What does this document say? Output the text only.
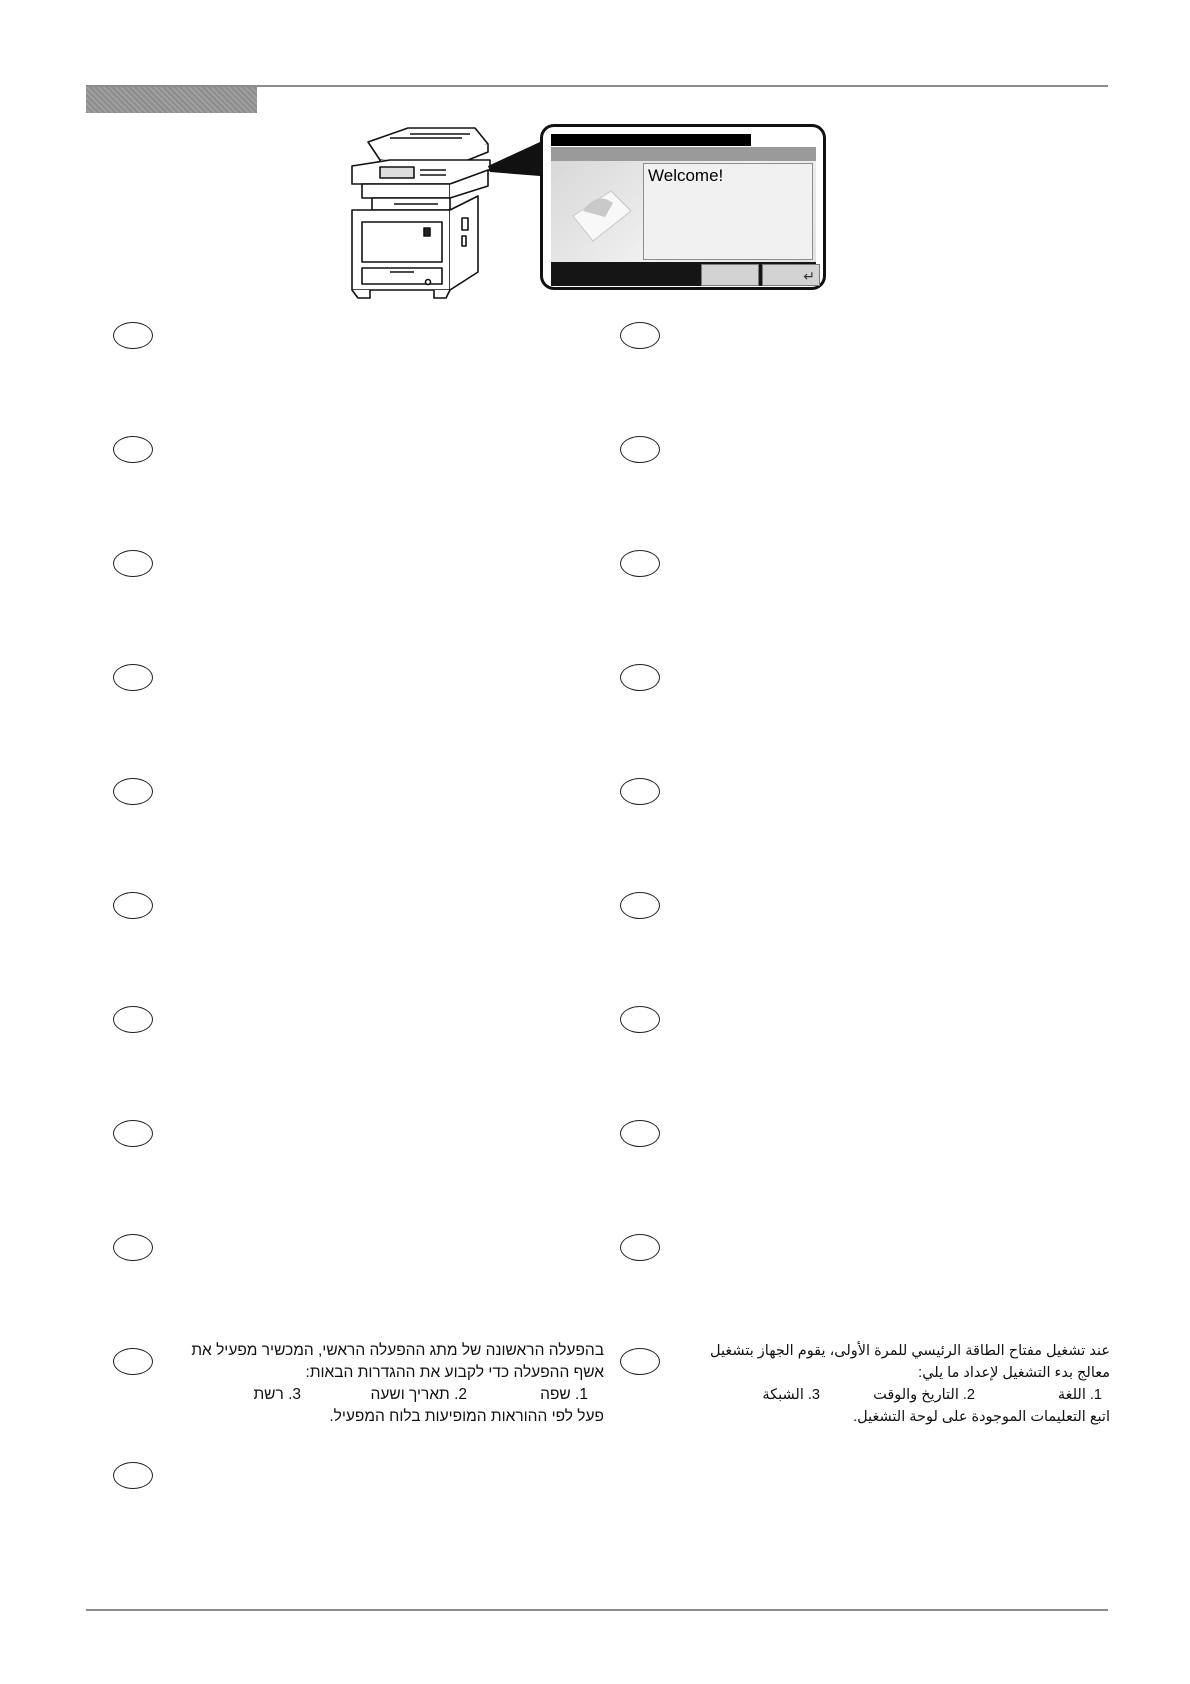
Welcome!
↵
בהפעלה הראשונה של מתג ההפעלה הראשי, המכשיר מפעיל את אשף ההפעלה כדי לקבוע את ההגדרות הבאות:
1. שפה
2. תאריך ושעה
3. רשת
פעל לפי ההוראות המופיעות בלוח המפעיל.
عند تشغيل مفتاح الطاقة الرئيسي للمرة الأولى، يقوم الجهاز بتشغيل معالج بدء التشغيل لإعداد ما يلي:
1. اللغة
2. التاريخ والوقت
3. الشبكة
اتبع التعليمات الموجودة على لوحة التشغيل.
